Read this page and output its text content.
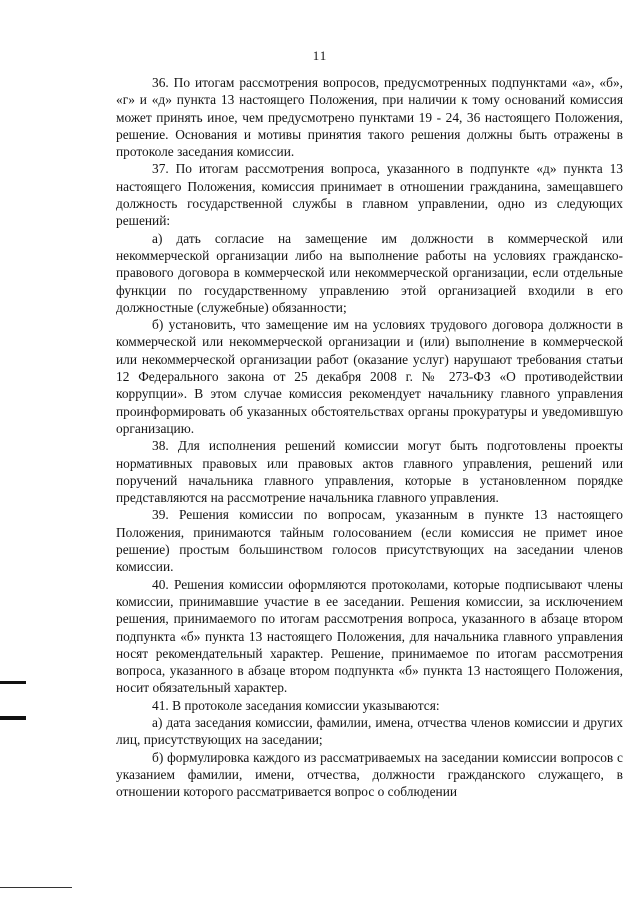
11

36. По итогам рассмотрения вопросов, предусмотренных подпунктами «а», «б», «г» и «д» пункта 13 настоящего Положения, при наличии к тому оснований комиссия может принять иное, чем предусмотрено пунктами 19 - 24, 36 настоящего Положения, решение. Основания и мотивы принятия такого решения должны быть отражены в протоколе заседания комиссии.

37. По итогам рассмотрения вопроса, указанного в подпункте «д» пункта 13 настоящего Положения, комиссия принимает в отношении гражданина, замещавшего должность государственной службы в главном управлении, одно из следующих решений:

а) дать согласие на замещение им должности в коммерческой или некоммерческой организации либо на выполнение работы на условиях гражданско-правового договора в коммерческой или некоммерческой организации, если отдельные функции по государственному управлению этой организацией входили в его должностные (служебные) обязанности;

б) установить, что замещение им на условиях трудового договора должности в коммерческой или некоммерческой организации и (или) выполнение в коммерческой или некоммерческой организации работ (оказание услуг) нарушают требования статьи 12 Федерального закона от 25 декабря 2008 г. № 273-ФЗ «О противодействии коррупции». В этом случае комиссия рекомендует начальнику главного управления проинформировать об указанных обстоятельствах органы прокуратуры и уведомившую организацию.

38. Для исполнения решений комиссии могут быть подготовлены проекты нормативных правовых или правовых актов главного управления, решений или поручений начальника главного управления, которые в установленном порядке представляются на рассмотрение начальника главного управления.

39. Решения комиссии по вопросам, указанным в пункте 13 настоящего Положения, принимаются тайным голосованием (если комиссия не примет иное решение) простым большинством голосов присутствующих на заседании членов комиссии.

40. Решения комиссии оформляются протоколами, которые подписывают члены комиссии, принимавшие участие в ее заседании. Решения комиссии, за исключением решения, принимаемого по итогам рассмотрения вопроса, указанного в абзаце втором подпункта «б» пункта 13 настоящего Положения, для начальника главного управления носят рекомендательный характер. Решение, принимаемое по итогам рассмотрения вопроса, указанного в абзаце втором подпункта «б» пункта 13 настоящего Положения, носит обязательный характер.

41. В протоколе заседания комиссии указываются:

а) дата заседания комиссии, фамилии, имена, отчества членов комиссии и других лиц, присутствующих на заседании;

б) формулировка каждого из рассматриваемых на заседании комиссии вопросов с указанием фамилии, имени, отчества, должности гражданского служащего, в отношении которого рассматривается вопрос о соблюдении
